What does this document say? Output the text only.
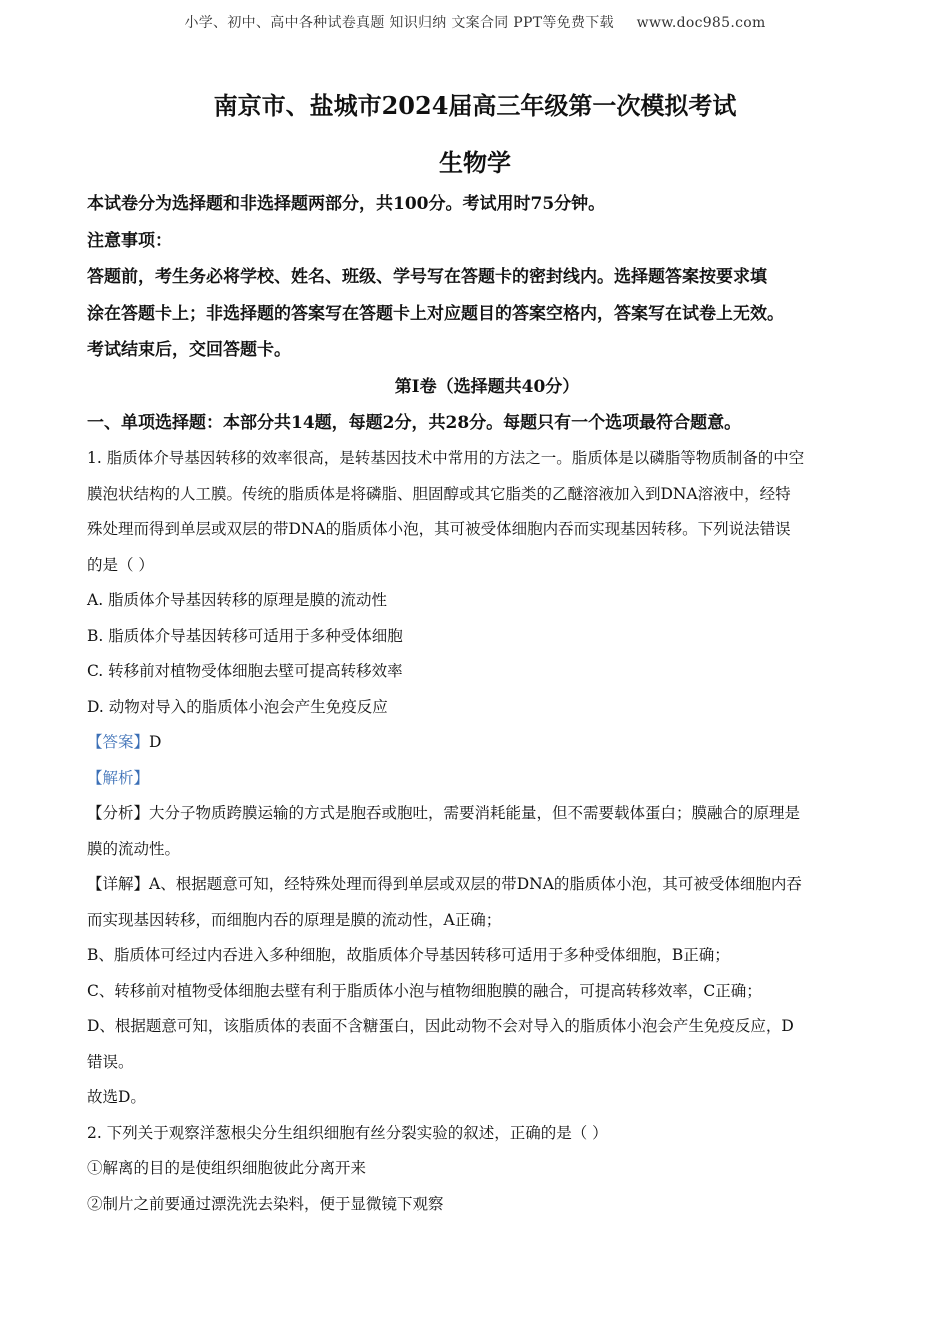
小学、初中、高中各种试卷真题 知识归纳 文案合同 PPT等免费下载 www.doc985.com
南京市、盐城市2024届高三年级第一次模拟考试
生物学

本试卷分为选择题和非选择题两部分，共100分。考试用时75分钟。

注意事项：

答题前，考生务必将学校、姓名、班级、学号写在答题卡的密封线内。选择题答案按要求填

涂在答题卡上；非选择题的答案写在答题卡上对应题目的答案空格内，答案写在试卷上无效。

考试结束后，交回答题卡。

第Ⅰ卷（选择题共40分）

一、单项选择题：本部分共14题，每题2分，共28分。每题只有一个选项最符合题意。

1. 脂质体介导基因转移的效率很高，是转基因技术中常用的方法之一。脂质体是以磷脂等物质制备的中空

膜泡状结构的人工膜。传统的脂质体是将磷脂、胆固醇或其它脂类的乙醚溶液加入到DNA溶液中，经特

殊处理而得到单层或双层的带DNA的脂质体小泡，其可被受体细胞内吞而实现基因转移。下列说法错误

的是（ ）

A. 脂质体介导基因转移的原理是膜的流动性

B. 脂质体介导基因转移可适用于多种受体细胞

C. 转移前对植物受体细胞去壁可提高转移效率

D. 动物对导入的脂质体小泡会产生免疫反应

【答案】D

【解析】

【分析】大分子物质跨膜运输的方式是胞吞或胞吐，需要消耗能量，但不需要载体蛋白；膜融合的原理是

膜的流动性。

【详解】A、根据题意可知，经特殊处理而得到单层或双层的带DNA的脂质体小泡，其可被受体细胞内吞

而实现基因转移，而细胞内吞的原理是膜的流动性，A正确；

B、脂质体可经过内吞进入多种细胞，故脂质体介导基因转移可适用于多种受体细胞，B正确；

C、转移前对植物受体细胞去壁有利于脂质体小泡与植物细胞膜的融合，可提高转移效率，C正确；

D、根据题意可知，该脂质体的表面不含糖蛋白，因此动物不会对导入的脂质体小泡会产生免疫反应，D

错误。

故选D。

2. 下列关于观察洋葱根尖分生组织细胞有丝分裂实验的叙述，正确的是（ ）

①解离的目的是使组织细胞彼此分离开来

②制片之前要通过漂洗洗去染料，便于显微镜下观察
